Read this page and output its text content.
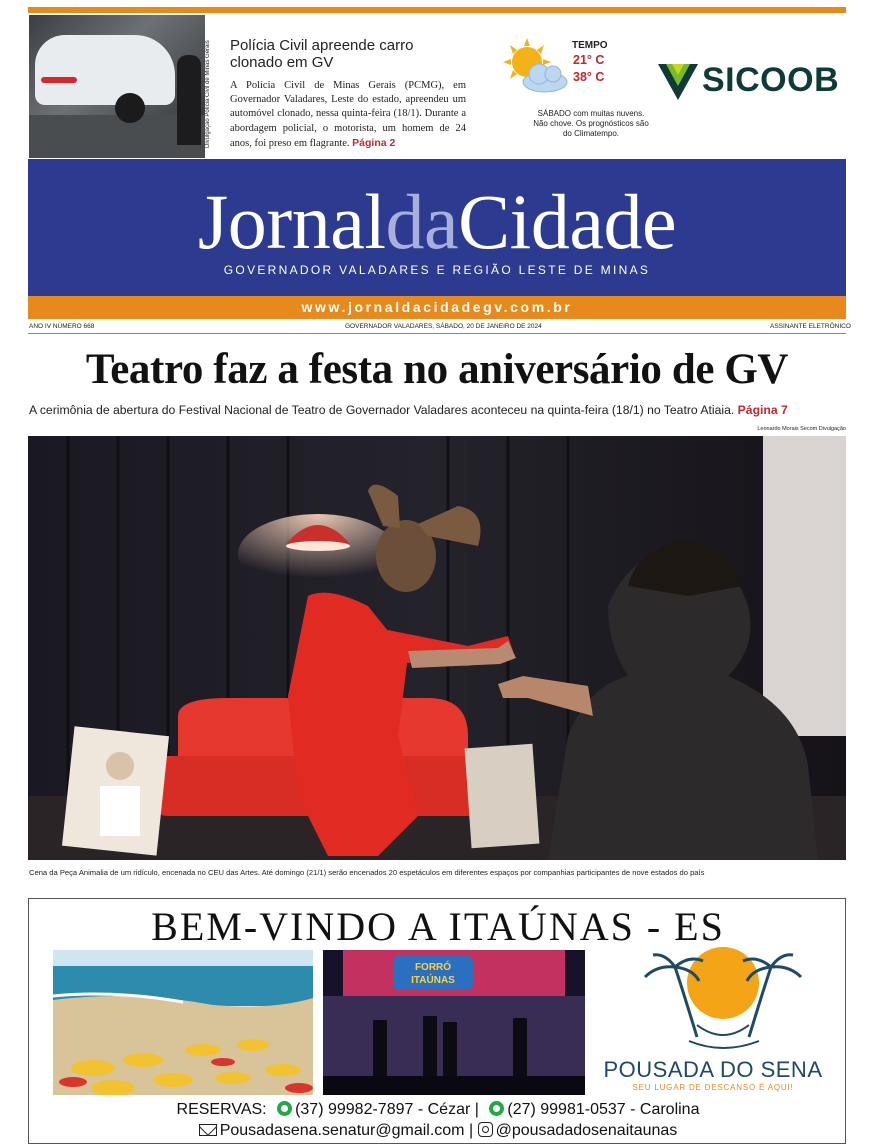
Divulgação Polícia Civil de Minas Gerais Polícia Civil apreende carro clonado em GV
A Polícia Civil de Minas Gerais (PCMG), em Governador Valadares, Leste do estado, apreendeu um automóvel clonado, nessa quinta-feira (18/1). Durante a abordagem policial, o motorista, um homem de 24 anos, foi preso em flagrante. Página 2
TEMPO
21° C
38° C
SÁBADO com muitas nuvens. Não chove. Os prognósticos são do Climatempo.
SICOOB
JornaldaCidade
GOVERNADOR VALADARES E REGIÃO LESTE DE MINAS
www.jornaldacidadegv.com.br
ANO IV NÚMERO 668	GOVERNADOR VALADARES, SÁBADO, 20 DE JANEIRO DE 2024	ASSINANTE ELETRÔNICO
Teatro faz a festa no aniversário de GV
A cerimônia de abertura do Festival Nacional de Teatro de Governador Valadares aconteceu na quinta-feira (18/1) no Teatro Atiaia. Página 7
Leonardo Morais Secom Divulgação
Cena da Peça Animalia de um ridículo, encenada no CEU das Artes. Até domingo (21/1) serão encenados 20 espetáculos em diferentes espaços por companhias participantes de nove estados do país
BEM-VINDO A ITAÚNAS - ES
FORRÓ
ITAÚNAS
POUSADA DO SENA
SEU LUGAR DE DESCANSO É AQUI!
RESERVAS: (37) 99982-7897 - Cézar | (27) 99981-0537 - Carolina
Pousadasena.senatur@gmail.com | @pousadadosenaitaunas
